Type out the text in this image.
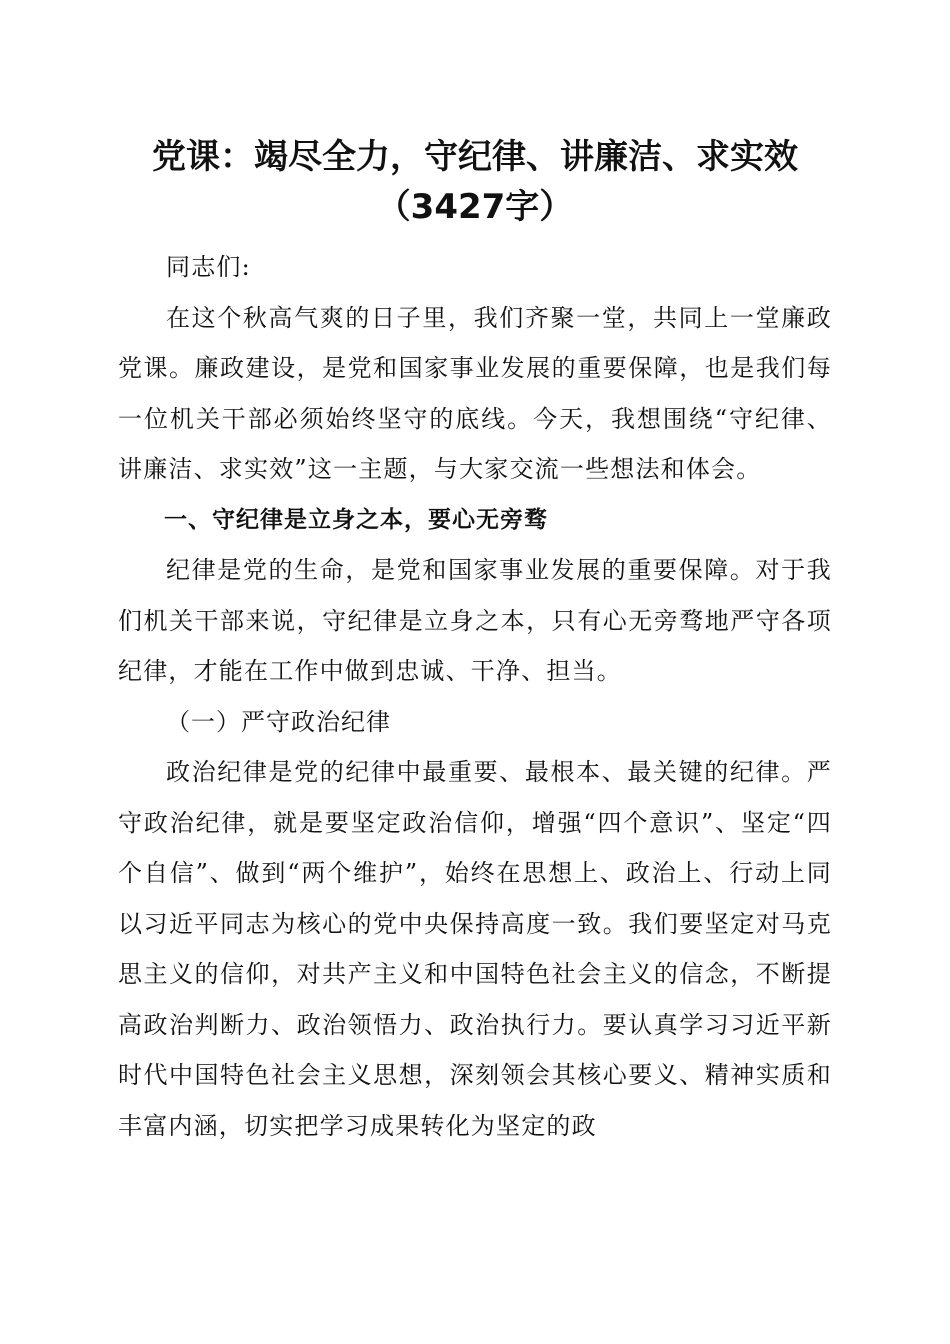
党课：竭尽全力，守纪律、讲廉洁、求实效
（3427字）

同志们:

在这个秋高气爽的日子里，我们齐聚一堂，共同上一堂廉政党课。廉政建设，是党和国家事业发展的重要保障，也是我们每一位机关干部必须始终坚守的底线。今天，我想围绕“守纪律、讲廉洁、求实效”这一主题，与大家交流一些想法和体会。

一、守纪律是立身之本，要心无旁骛

纪律是党的生命，是党和国家事业发展的重要保障。对于我们机关干部来说，守纪律是立身之本，只有心无旁骛地严守各项纪律，才能在工作中做到忠诚、干净、担当。

（一）严守政治纪律

政治纪律是党的纪律中最重要、最根本、最关键的纪律。严守政治纪律，就是要坚定政治信仰，增强“四个意识”、坚定“四个自信”、做到“两个维护”，始终在思想上、政治上、行动上同以习近平同志为核心的党中央保持高度一致。我们要坚定对马克思主义的信仰，对共产主义和中国特色社会主义的信念，不断提高政治判断力、政治领悟力、政治执行力。要认真学习习近平新时代中国特色社会主义思想，深刻领会其核心要义、精神实质和丰富内涵，切实把学习成果转化为坚定的政
